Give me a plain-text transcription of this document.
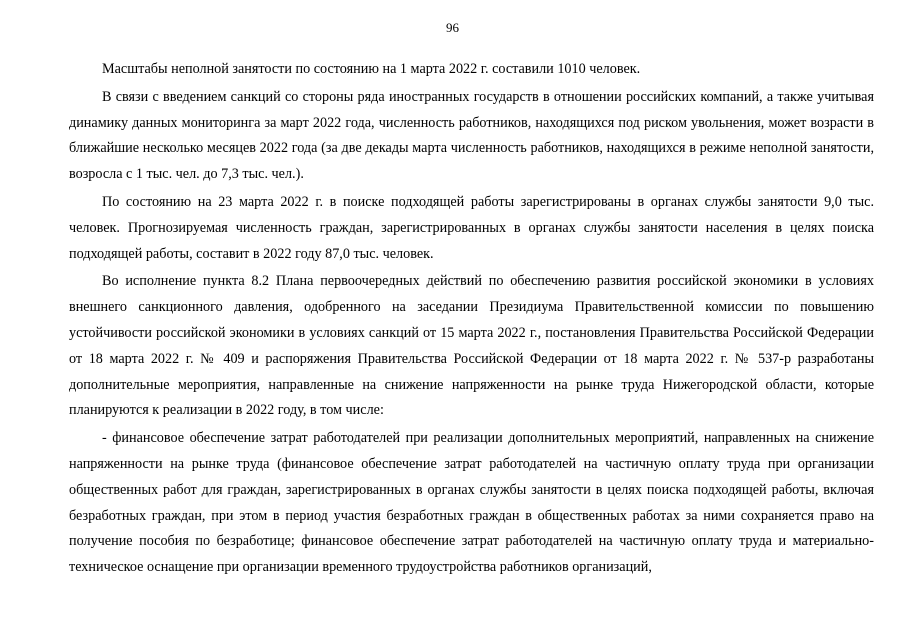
96

Масштабы неполной занятости по состоянию на 1 марта 2022 г. составили 1010 человек.

В связи с введением санкций со стороны ряда иностранных государств в отношении российских компаний, а также учитывая динамику данных мониторинга за март 2022 года, численность работников, находящихся под риском увольнения, может возрасти в ближайшие несколько месяцев 2022 года (за две декады марта численность работников, находящихся в режиме неполной занятости, возросла с 1 тыс. чел. до 7,3 тыс. чел.).

По состоянию на 23 марта 2022 г. в поиске подходящей работы зарегистрированы в органах службы занятости 9,0 тыс. человек. Прогнозируемая численность граждан, зарегистрированных в органах службы занятости населения в целях поиска подходящей работы, составит в 2022 году 87,0 тыс. человек.

Во исполнение пункта 8.2 Плана первоочередных действий по обеспечению развития российской экономики в условиях внешнего санкционного давления, одобренного на заседании Президиума Правительственной комиссии по повышению устойчивости российской экономики в условиях санкций от 15 марта 2022 г., постановления Правительства Российской Федерации от 18 марта 2022 г. № 409 и распоряжения Правительства Российской Федерации от 18 марта 2022 г. № 537-р разработаны дополнительные мероприятия, направленные на снижение напряженности на рынке труда Нижегородской области, которые планируются к реализации в 2022 году, в том числе:

- финансовое обеспечение затрат работодателей при реализации дополнительных мероприятий, направленных на снижение напряженности на рынке труда (финансовое обеспечение затрат работодателей на частичную оплату труда при организации общественных работ для граждан, зарегистрированных в органах службы занятости в целях поиска подходящей работы, включая безработных граждан, при этом в период участия безработных граждан в общественных работах за ними сохраняется право на получение пособия по безработице; финансовое обеспечение затрат работодателей на частичную оплату труда и материально-техническое оснащение при организации временного трудоустройства работников организаций,
